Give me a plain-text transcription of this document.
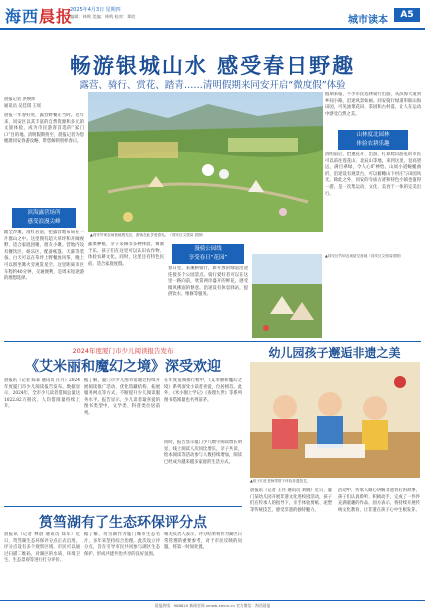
海西晨报
2025年4月3日 星期四
编辑：林鸣 美编：林鸣 校对：郑欣	城市读本	A5
畅游银城山水 感受春日野趣
露营、骑行、赏花、踏青……清明假期来同安开启“微度假”体验
晨报记者 洪焕炜
通讯员 吴佳琪 王瑶
晨报一年春好处，露营野餐正当时。近年来，同安区以其丰富的自然资源和多元的文旅体验，成为市民游客首选的“家门口”目的地。清明假期将至，晨报记者为您梳理同安春游攻略，带您解锁别样春日。
滨海露营场所
感受浪漫尖峰
踏全沙滩，漫红岩道，把露营地布局在一片群山之中。这里拥有超大草坪和开阔视野，适合家庭团聚、朋友小聚。营地内设有餐饮区、娱乐区，配备帐篷、天幕等装备。白天可以在草坪上野餐放风筝，晚上可以围坐篝火旁观赏星空。这里距离市区车程约40分钟，交通便利，是周末短途游的理想选择。
▲同安竹坝农场营地观光区，游客在此享受春光。（同安区文旅局 供图）
假期来临，不少市民选择骑行出游，从滨海大道到乡间小路，沿途风景如画。同安骑行绿道串联山海田园，可见油菜花田、茶园和古村落，让人在运动中感受自然之美。
山林度北园林
体验农耕乐趣
清明前后，恰逢花开、出游，打算爬山游览的市民可以前往莲花山、北辰山等地。来到这里，登高望远，满目翠绿，令人心旷神怡。山间小道蜿蜒曲折，沿途设有观景台，可以俯瞰山下村庄与田园风光。除此之外，同安的寺庙古迹和特色小镇也值得一游，是一次集运动、文化、美食于一体的完美出行。
蔬菜种植、亲子采摘等多种体验，寓教于乐，孩子们在这里可以认识农作物、体验农耕文化。同时，这里还有特色民宿，适合家庭度假。
漫骑公园线
享受春日“花园”
春日里，来溪桥骑行，新开放的绿道沿途连接多个公园景点。骑行爱好者可以在这里一路向前，欣赏两岸盛开的鲜花，感受微风拂面的惬意。沿途设有休息驿站，提供饮水、维修等服务。
▲同安区竹坝农场星空营地（同安区文旅局供图）
2024年度厦门市少儿阅读报告发布
《艾米丽和魔幻之境》深受欢迎
晨报讯（记者 陈霏 通讯员 汪月）2024年度厦门市少儿阅读报告发布。数据显示，2024年，全市少儿读者借阅总量达1022.82万册次，人均借阅量持续上升。
据了解，厦门市少儿图书馆通过持续开展阅读推广活动、优化馆藏结构、拓展服务网点等方式，不断提升少儿阅读服务水平。报告显示，少儿读者最喜爱的图书类型中，文学类、科普类位居前列。
在年度借阅排行榜中，《艾米丽和魔幻之境》系列深受小读者喜爱，位居榜首。此外，《米小圈上学记》《查理九世》等系列图书借阅量也名列前茅。
同时，报告显示厦门少儿数字阅读增长明显，线上阅读人次同比增长，亲子共读、绘本阅读等活动参与人数持续增加，阅读已经成为越来越多家庭的生活方式。
筼筜湖有了生态环保评分点
晨报讯（记者 林晨 通讯员 郑军）近日，筼筜湖生态环保评分点正式启用。评分点设有多个观察区域，市民可以通过扫描二维码，对湖区的水质、环境卫生、生态景观等进行打分评价。
据了解，筼筜湖作为厦门城市生态名片，多年来坚持综合治理。此次设立评分点，旨在引导市民共同参与湖区生态保护，形成共建共治共享的良好氛围。
相关负责人表示，评分结果将作为湖区日常管理的重要参考，对于市民反映的问题，将第一时间处置。
幼儿园孩子邂逅非遗之美
▲孩子们在老师带领下体验非遗技艺。
晨报讯（记者 王丹 通讯员 刘晓）近日，厦门某幼儿园开展非遗文化进校园活动，孩子们在传承人的指导下，亲手体验剪纸、泥塑等传统技艺，感受非遗的独特魅力。
活动中，传承人耐心讲解非遗背后的故事，孩子们认真聆听、积极动手，完成了一件件充满童趣的作品。园方表示，将持续开展传统文化教育，让非遗在孩子心中生根发芽。
晨报热线：968820 新闻官网 xmwb.xmnn.cn 官方微信：海西晨报
